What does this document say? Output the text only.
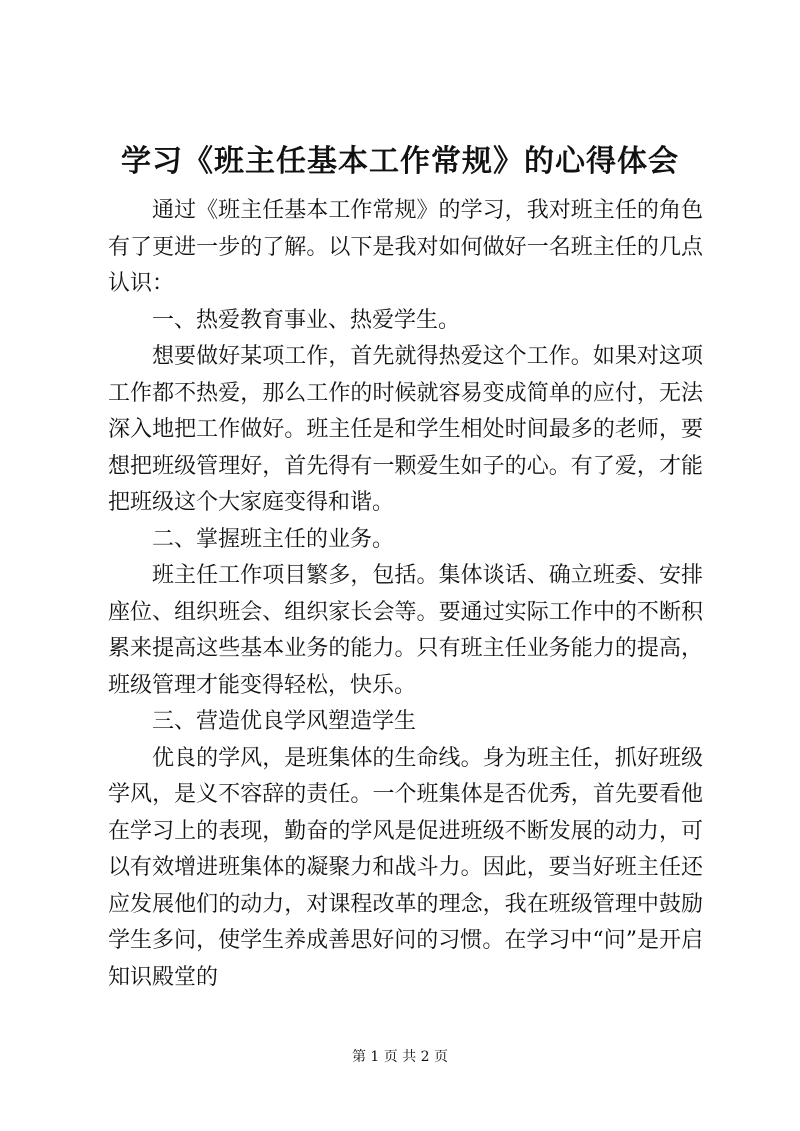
学习《班主任基本工作常规》的心得体会

通过《班主任基本工作常规》的学习，我对班主任的角色有了更进一步的了解。以下是我对如何做好一名班主任的几点认识：

一、热爱教育事业、热爱学生。

想要做好某项工作，首先就得热爱这个工作。如果对这项工作都不热爱，那么工作的时候就容易变成简单的应付，无法深入地把工作做好。班主任是和学生相处时间最多的老师，要想把班级管理好，首先得有一颗爱生如子的心。有了爱，才能把班级这个大家庭变得和谐。

二、掌握班主任的业务。

班主任工作项目繁多，包括。集体谈话、确立班委、安排座位、组织班会、组织家长会等。要通过实际工作中的不断积累来提高这些基本业务的能力。只有班主任业务能力的提高，班级管理才能变得轻松，快乐。

三、营造优良学风塑造学生

优良的学风，是班集体的生命线。身为班主任，抓好班级学风，是义不容辞的责任。一个班集体是否优秀，首先要看他在学习上的表现，勤奋的学风是促进班级不断发展的动力，可以有效增进班集体的凝聚力和战斗力。因此，要当好班主任还应发展他们的动力，对课程改革的理念，我在班级管理中鼓励学生多问，使学生养成善思好问的习惯。在学习中“问”是开启知识殿堂的

第 1 页 共 2 页
